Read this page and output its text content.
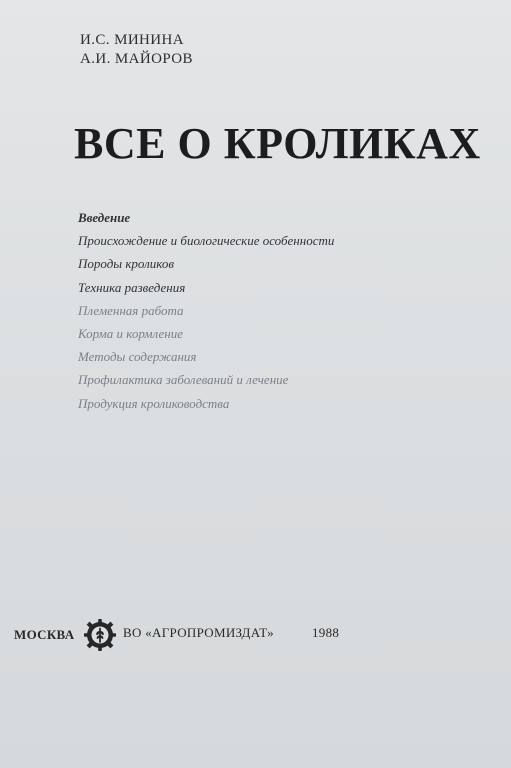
И.С. МИНИНА
А.И. МАЙОРОВ
ВСЕ О КРОЛИКАХ
Введение
Происхождение и биологические особенности
Породы кроликов
Техника разведения
Племенная работа
Корма и кормление
Методы содержания
Профилактика заболеваний и лечение
Продукция кролиководства
МОСКВА	ВО «АГРОПРОМИЗДАТ»	1988
